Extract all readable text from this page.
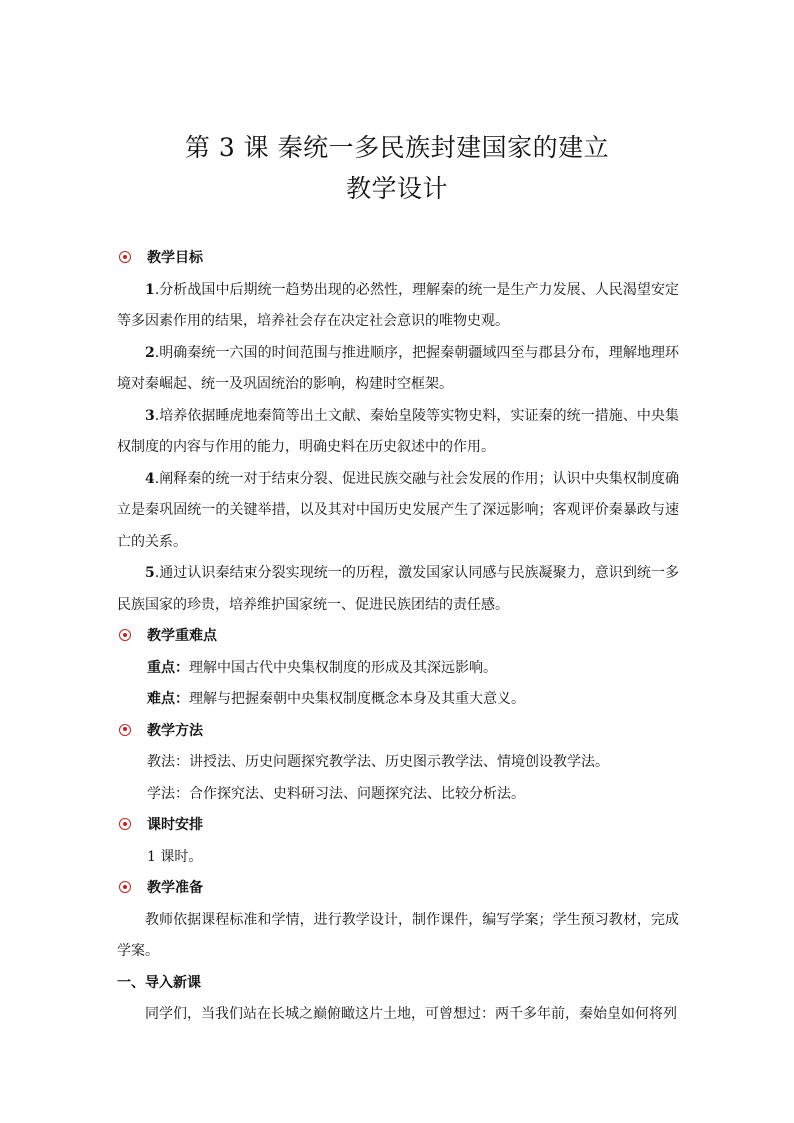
第 3 课 秦统一多民族封建国家的建立
教学设计
教学目标
1.分析战国中后期统一趋势出现的必然性，理解秦的统一是生产力发展、人民渴望安定等多因素作用的结果，培养社会存在决定社会意识的唯物史观。
2.明确秦统一六国的时间范围与推进顺序，把握秦朝疆域四至与郡县分布，理解地理环境对秦崛起、统一及巩固统治的影响，构建时空框架。
3.培养依据睡虎地秦简等出土文献、秦始皇陵等实物史料，实证秦的统一措施、中央集权制度的内容与作用的能力，明确史料在历史叙述中的作用。
4.阐释秦的统一对于结束分裂、促进民族交融与社会发展的作用；认识中央集权制度确立是秦巩固统一的关键举措，以及其对中国历史发展产生了深远影响；客观评价秦暴政与速亡的关系。
5.通过认识秦结束分裂实现统一的历程，激发国家认同感与民族凝聚力，意识到统一多民族国家的珍贵，培养维护国家统一、促进民族团结的责任感。
教学重难点
重点：理解中国古代中央集权制度的形成及其深远影响。
难点：理解与把握秦朝中央集权制度概念本身及其重大意义。
教学方法
教法：讲授法、历史问题探究教学法、历史图示教学法、情境创设教学法。
学法：合作探究法、史料研习法、问题探究法、比较分析法。
课时安排
1 课时。
教学准备
教师依据课程标准和学情，进行教学设计，制作课件，编写学案；学生预习教材，完成学案。
一、导入新课
同学们，当我们站在长城之巅俯瞰这片土地，可曾想过：两千多年前，秦始皇如何将列
